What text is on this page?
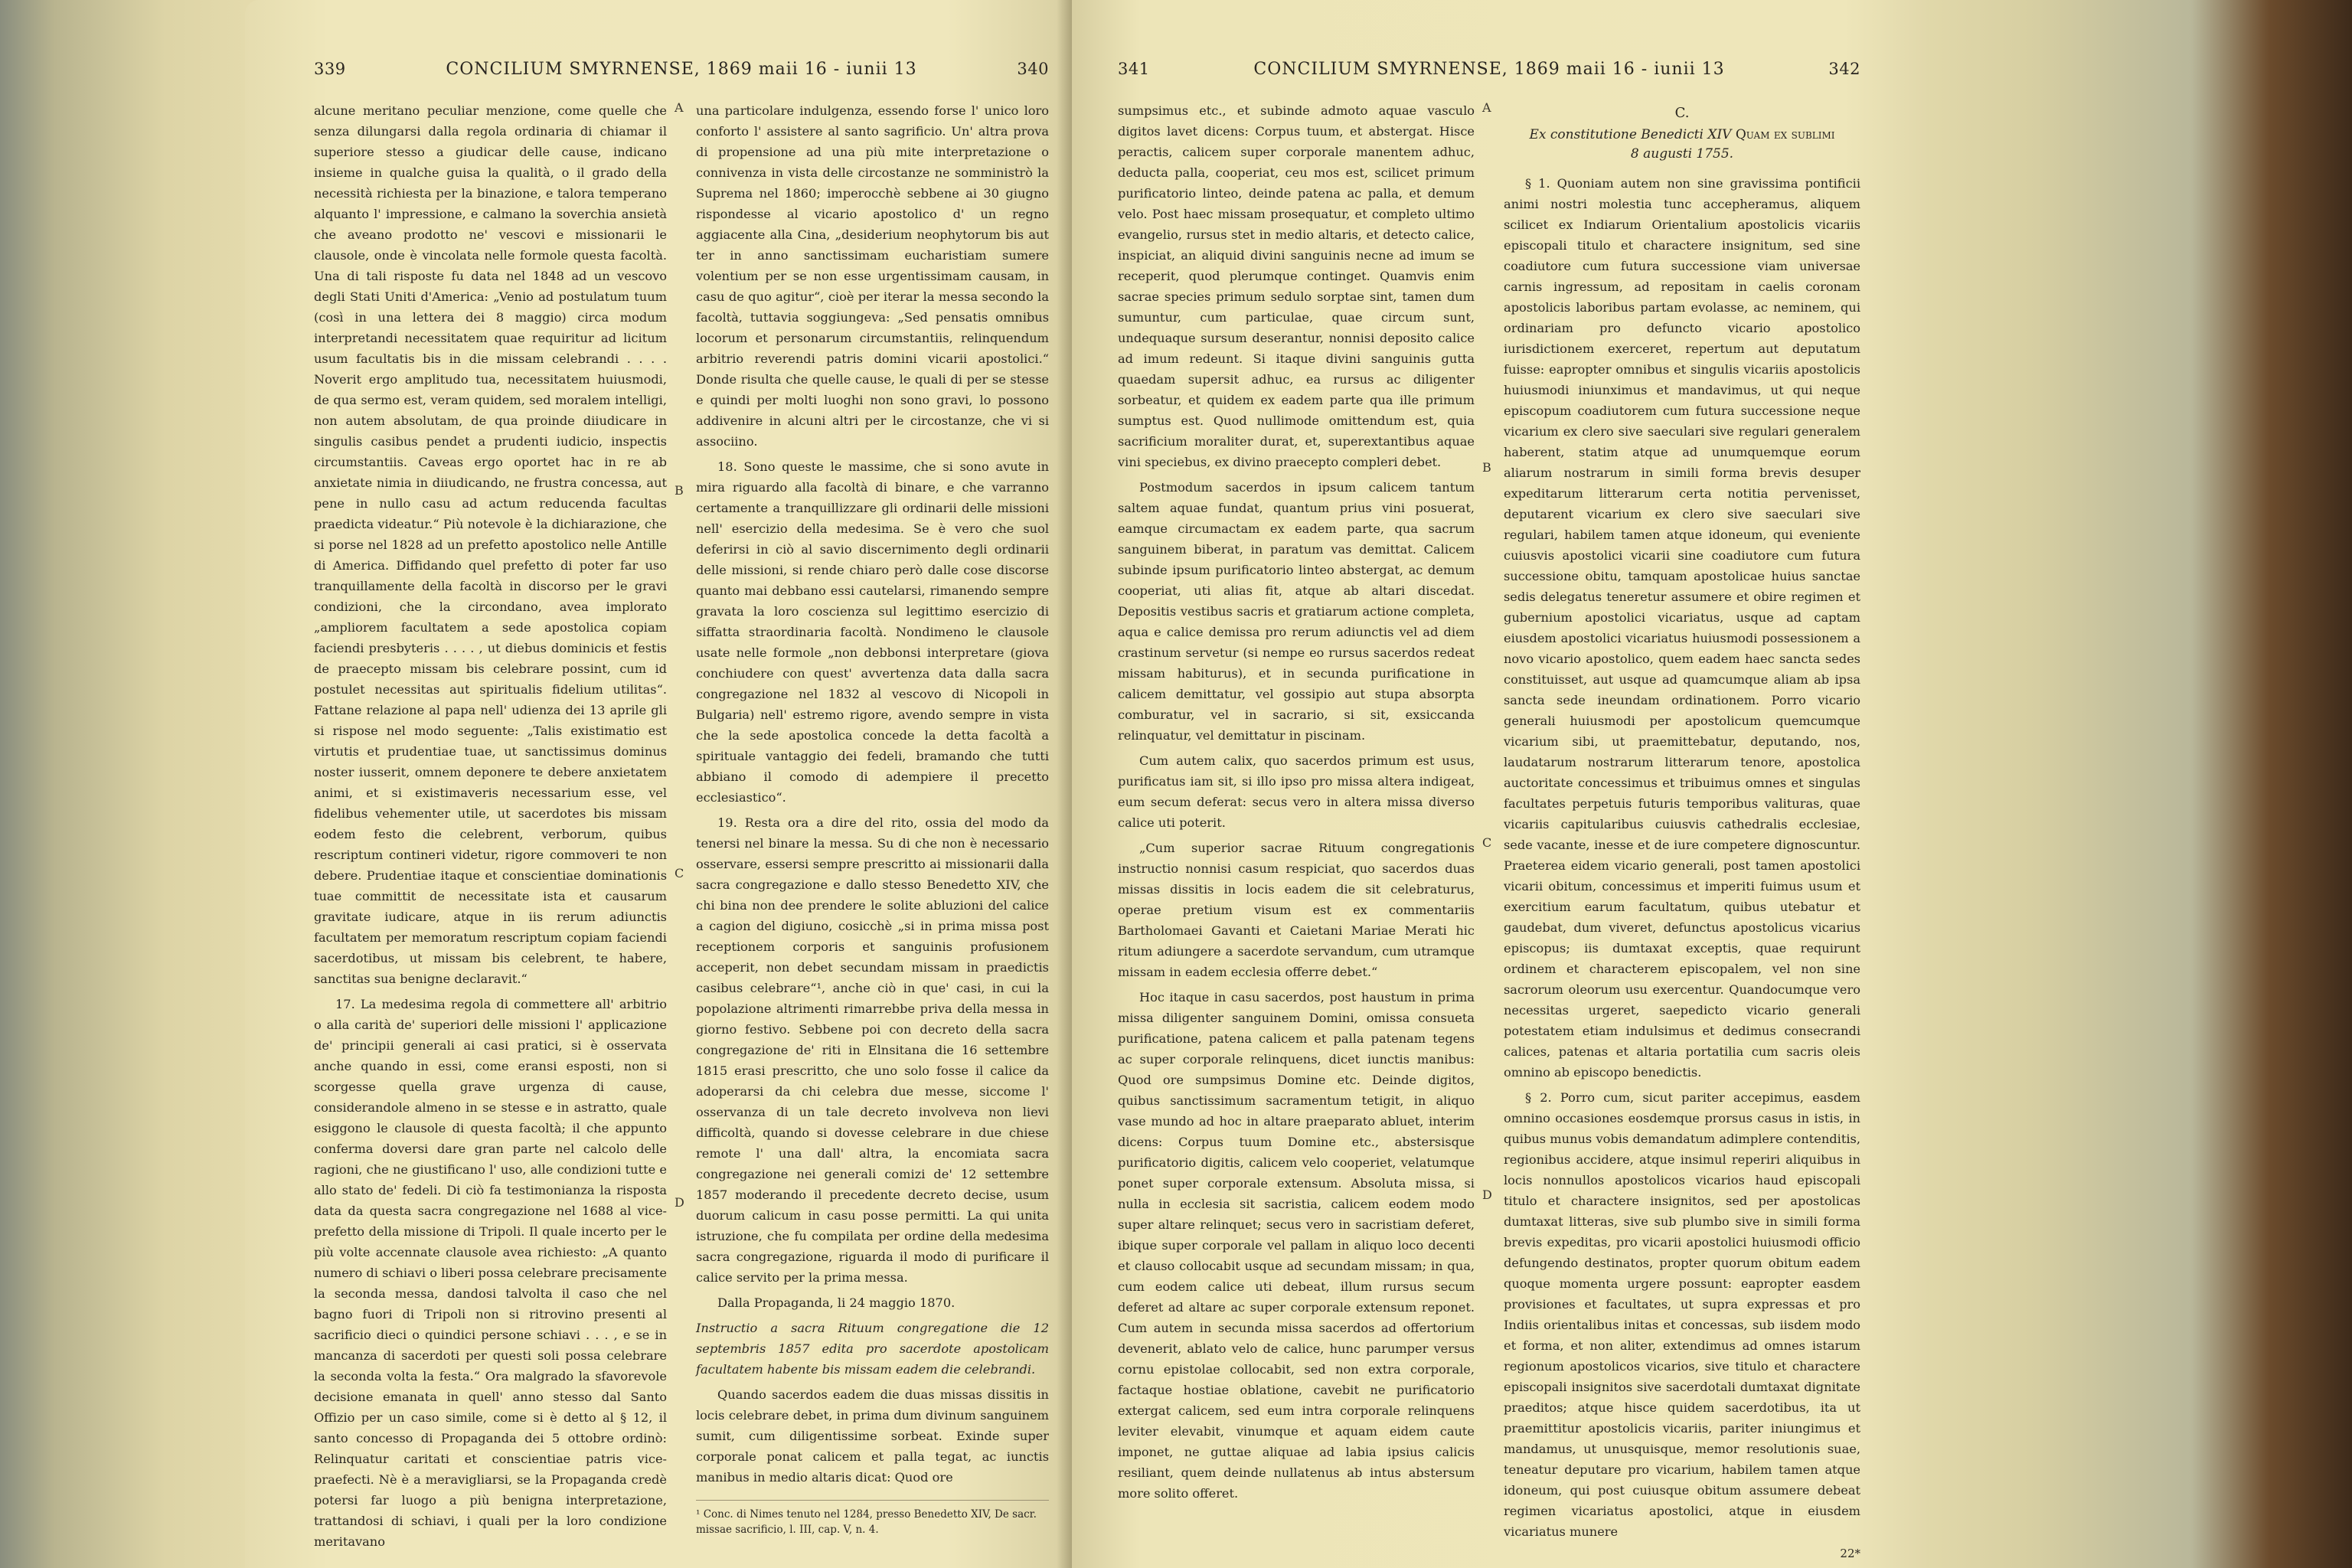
339	CONCILIUM SMYRNENSE, 1869 maii 16 - iunii 13	340

alcune meritano peculiar menzione, come quelle che senza dilungarsi dalla regola ordinaria di chiamar il superiore stesso a giudicar delle cause, indicano insieme in qualche guisa la qualità, o il grado della necessità richiesta per la binazione, e talora temperano alquanto l' impressione, e calmano la soverchia ansietà che aveano prodotto ne' vescovi e missionarii le clausole, onde è vincolata nelle formole questa facoltà. Una di tali risposte fu data nel 1848 ad un vescovo degli Stati Uniti d'America: „Venio ad postulatum tuum (così in una lettera dei 8 maggio) circa modum interpretandi necessitatem quae requiritur ad licitum usum facultatis bis in die missam celebrandi . . . . Noverit ergo amplitudo tua, necessitatem huiusmodi, de qua sermo est, veram quidem, sed moralem intelligi, non autem absolutam, de qua proinde diiudicare in singulis casibus pendet a prudenti iudicio, inspectis circumstantiis. Caveas ergo oportet hac in re ab anxietate nimia in diiudicando, ne frustra concessa, aut pene in nullo casu ad actum reducenda facultas praedicta videatur.“ Più notevole è la dichiarazione, che si porse nel 1828 ad un prefetto apostolico nelle Antille di America. Diffidando quel prefetto di poter far uso tranquillamente della facoltà in discorso per le gravi condizioni, che la circondano, avea implorato „ampliorem facultatem a sede apostolica copiam faciendi presbyteris . . . . , ut diebus dominicis et festis de praecepto missam bis celebrare possint, cum id postulet necessitas aut spiritualis fidelium utilitas“. Fattane relazione al papa nell' udienza dei 13 aprile gli si rispose nel modo seguente: „Talis existimatio est virtutis et prudentiae tuae, ut sanctissimus dominus noster iusserit, omnem deponere te debere anxietatem animi, et si existimaveris necessarium esse, vel fidelibus vehementer utile, ut sacerdotes bis missam eodem festo die celebrent, verborum, quibus rescriptum contineri videtur, rigore commoveri te non debere. Prudentiae itaque et conscientiae dominationis tuae committit de necessitate ista et causarum gravitate iudicare, atque in iis rerum adiunctis facultatem per memoratum rescriptum copiam faciendi sacerdotibus, ut missam bis celebrent, te habere, sanctitas sua benigne declaravit.“

17. La medesima regola di commettere all' arbitrio o alla carità de' superiori delle missioni l' applicazione de' principii generali ai casi pratici, si è osservata anche quando in essi, come eransi esposti, non si scorgesse quella grave urgenza di cause, considerandole almeno in se stesse e in astratto, quale esiggono le clausole di questa facoltà; il che appunto conferma doversi dare gran parte nel calcolo delle ragioni, che ne giustificano l' uso, alle condizioni tutte e allo stato de' fedeli. Di ciò fa testimonianza la risposta data da questa sacra congregazione nel 1688 al vice-prefetto della missione di Tripoli. Il quale incerto per le più volte accennate clausole avea richiesto: „A quanto numero di schiavi o liberi possa celebrare precisamente la seconda messa, dandosi talvolta il caso che nel bagno fuori di Tripoli non si ritrovino presenti al sacrificio dieci o quindici persone schiavi . . . , e se in mancanza di sacerdoti per questi soli possa celebrare la seconda volta la festa.“ Ora malgrado la sfavorevole decisione emanata in quell' anno stesso dal Santo Offizio per un caso simile, come si è detto al § 12, il santo concesso di Propaganda dei 5 ottobre ordinò: Relinquatur caritati et conscientiae patris vice-praefecti. Nè è a meravigliarsi, se la Propaganda credè potersi far luogo a più benigna interpretazione, trattandosi di schiavi, i quali per la loro condizione meritavano

A
B
C
D

una particolare indulgenza, essendo forse l' unico loro conforto l' assistere al santo sagrificio. Un' altra prova di propensione ad una più mite interpretazione o connivenza in vista delle circostanze ne somministrò la Suprema nel 1860; imperocchè sebbene ai 30 giugno rispondesse al vicario apostolico d' un regno aggiacente alla Cina, „desiderium neophytorum bis aut ter in anno sanctissimam eucharistiam sumere volentium per se non esse urgentissimam causam, in casu de quo agitur“, cioè per iterar la messa secondo la facoltà, tuttavia soggiungeva: „Sed pensatis omnibus locorum et personarum circumstantiis, relinquendum arbitrio reverendi patris domini vicarii apostolici.“ Donde risulta che quelle cause, le quali di per se stesse e quindi per molti luoghi non sono gravi, lo possono addivenire in alcuni altri per le circostanze, che vi si associino.

18. Sono queste le massime, che si sono avute in mira riguardo alla facoltà di binare, e che varranno certamente a tranquillizzare gli ordinarii delle missioni nell' esercizio della medesima. Se è vero che suol deferirsi in ciò al savio discernimento degli ordinarii delle missioni, si rende chiaro però dalle cose discorse quanto mai debbano essi cautelarsi, rimanendo sempre gravata la loro coscienza sul legittimo esercizio di siffatta straordinaria facoltà. Nondimeno le clausole usate nelle formole „non debbonsi interpretare (giova conchiudere con quest' avvertenza data dalla sacra congregazione nel 1832 al vescovo di Nicopoli in Bulgaria) nell' estremo rigore, avendo sempre in vista che la sede apostolica concede la detta facoltà a spirituale vantaggio dei fedeli, bramando che tutti abbiano il comodo di adempiere il precetto ecclesiastico“.

19. Resta ora a dire del rito, ossia del modo da tenersi nel binare la messa. Su di che non è necessario osservare, essersi sempre prescritto ai missionarii dalla sacra congregazione e dallo stesso Benedetto XIV, che chi bina non dee prendere le solite abluzioni del calice a cagion del digiuno, cosicchè „si in prima missa post receptionem corporis et sanguinis profusionem acceperit, non debet secundam missam in praedictis casibus celebrare“¹, anche ciò in que' casi, in cui la popolazione altrimenti rimarrebbe priva della messa in giorno festivo. Sebbene poi con decreto della sacra congregazione de' riti in Elnsitana die 16 settembre 1815 erasi prescritto, che uno solo fosse il calice da adoperarsi da chi celebra due messe, siccome l' osservanza di un tale decreto involveva non lievi difficoltà, quando si dovesse celebrare in due chiese remote l' una dall' altra, la encomiata sacra congregazione nei generali comizi de' 12 settembre 1857 moderando il precedente decreto decise, usum duorum calicum in casu posse permitti. La qui unita istruzione, che fu compilata per ordine della medesima sacra congregazione, riguarda il modo di purificare il calice servito per la prima messa.

Dalla Propaganda, li 24 maggio 1870.

Instructio a sacra Rituum congregatione die 12 septembris 1857 edita pro sacerdote apostolicam facultatem habente bis missam eadem die celebrandi.

Quando sacerdos eadem die duas missas dissitis in locis celebrare debet, in prima dum divinum sanguinem sumit, cum diligentissime sorbeat. Exinde super corporale ponat calicem et palla tegat, ac iunctis manibus in medio altaris dicat: Quod ore

¹ Conc. di Nimes tenuto nel 1284, presso Benedetto XIV, De sacr. missae sacrificio, l. III, cap. V, n. 4.
341	CONCILIUM SMYRNENSE, 1869 maii 16 - iunii 13	342

sumpsimus etc., et subinde admoto aquae vasculo digitos lavet dicens: Corpus tuum, et abstergat. Hisce peractis, calicem super corporale manentem adhuc, deducta palla, cooperiat, ceu mos est, scilicet primum purificatorio linteo, deinde patena ac palla, et demum velo. Post haec missam prosequatur, et completo ultimo evangelio, rursus stet in medio altaris, et detecto calice, inspiciat, an aliquid divini sanguinis necne ad imum se receperit, quod plerumque continget. Quamvis enim sacrae species primum sedulo sorptae sint, tamen dum sumuntur, cum particulae, quae circum sunt, undequaque sursum deserantur, nonnisi deposito calice ad imum redeunt. Si itaque divini sanguinis gutta quaedam supersit adhuc, ea rursus ac diligenter sorbeatur, et quidem ex eadem parte qua ille primum sumptus est. Quod nullimode omittendum est, quia sacrificium moraliter durat, et, superextantibus aquae vini speciebus, ex divino praecepto compleri debet.

Postmodum sacerdos in ipsum calicem tantum saltem aquae fundat, quantum prius vini posuerat, eamque circumactam ex eadem parte, qua sacrum sanguinem biberat, in paratum vas demittat. Calicem subinde ipsum purificatorio linteo abstergat, ac demum cooperiat, uti alias fit, atque ab altari discedat. Depositis vestibus sacris et gratiarum actione completa, aqua e calice demissa pro rerum adiunctis vel ad diem crastinum servetur (si nempe eo rursus sacerdos redeat missam habiturus), et in secunda purificatione in calicem demittatur, vel gossipio aut stupa absorpta comburatur, vel in sacrario, si sit, exsiccanda relinquatur, vel demittatur in piscinam.

Cum autem calix, quo sacerdos primum est usus, purificatus iam sit, si illo ipso pro missa altera indigeat, eum secum deferat: secus vero in altera missa diverso calice uti poterit.

„Cum superior sacrae Rituum congregationis instructio nonnisi casum respiciat, quo sacerdos duas missas dissitis in locis eadem die sit celebraturus, operae pretium visum est ex commentariis Bartholomaei Gavanti et Caietani Mariae Merati hic ritum adiungere a sacerdote servandum, cum utramque missam in eadem ecclesia offerre debet.“

Hoc itaque in casu sacerdos, post haustum in prima missa diligenter sanguinem Domini, omissa consueta purificatione, patena calicem et palla patenam tegens ac super corporale relinquens, dicet iunctis manibus: Quod ore sumpsimus Domine etc. Deinde digitos, quibus sanctissimum sacramentum tetigit, in aliquo vase mundo ad hoc in altare praeparato abluet, interim dicens: Corpus tuum Domine etc., abstersisque purificatorio digitis, calicem velo cooperiet, velatumque ponet super corporale extensum. Absoluta missa, si nulla in ecclesia sit sacristia, calicem eodem modo super altare relinquet; secus vero in sacristiam deferet, ibique super corporale vel pallam in aliquo loco decenti et clauso collocabit usque ad secundam missam; in qua, cum eodem calice uti debeat, illum rursus secum deferet ad altare ac super corporale extensum reponet. Cum autem in secunda missa sacerdos ad offertorium devenerit, ablato velo de calice, hunc parumper versus cornu epistolae collocabit, sed non extra corporale, factaque hostiae oblatione, cavebit ne purificatorio extergat calicem, sed eum intra corporale relinquens leviter elevabit, vinumque et aquam eidem caute imponet, ne guttae aliquae ad labia ipsius calicis resiliant, quem deinde nullatenus ab intus abstersum more solito offeret.

A
B
C
D
C.
Ex constitutione Benedicti XIV Quam ex sublimi
8 augusti 1755.

§ 1. Quoniam autem non sine gravissima pontificii animi nostri molestia tunc accepheramus, aliquem scilicet ex Indiarum Orientalium apostolicis vicariis episcopali titulo et charactere insignitum, sed sine coadiutore cum futura successione viam universae carnis ingressum, ad repositam in caelis coronam apostolicis laboribus partam evolasse, ac neminem, qui ordinariam pro defuncto vicario apostolico iurisdictionem exerceret, repertum aut deputatum fuisse: eapropter omnibus et singulis vicariis apostolicis huiusmodi iniunximus et mandavimus, ut qui neque episcopum coadiutorem cum futura successione neque vicarium ex clero sive saeculari sive regulari generalem haberent, statim atque ad unumquemque eorum aliarum nostrarum in simili forma brevis desuper expeditarum litterarum certa notitia pervenisset, deputarent vicarium ex clero sive saeculari sive regulari, habilem tamen atque idoneum, qui eveniente cuiusvis apostolici vicarii sine coadiutore cum futura successione obitu, tamquam apostolicae huius sanctae sedis delegatus teneretur assumere et obire regimen et gubernium apostolici vicariatus, usque ad captam eiusdem apostolici vicariatus huiusmodi possessionem a novo vicario apostolico, quem eadem haec sancta sedes constituisset, aut usque ad quamcumque aliam ab ipsa sancta sede ineundam ordinationem. Porro vicario generali huiusmodi per apostolicum quemcumque vicarium sibi, ut praemittebatur, deputando, nos, laudatarum nostrarum litterarum tenore, apostolica auctoritate concessimus et tribuimus omnes et singulas facultates perpetuis futuris temporibus valituras, quae vicariis capitularibus cuiusvis cathedralis ecclesiae, sede vacante, inesse et de iure competere dignoscuntur. Praeterea eidem vicario generali, post tamen apostolici vicarii obitum, concessimus et imperiti fuimus usum et exercitium earum facultatum, quibus utebatur et gaudebat, dum viveret, defunctus apostolicus vicarius episcopus; iis dumtaxat exceptis, quae requirunt ordinem et characterem episcopalem, vel non sine sacrorum oleorum usu exercentur. Quandocumque vero necessitas urgeret, saepedicto vicario generali potestatem etiam indulsimus et dedimus consecrandi calices, patenas et altaria portatilia cum sacris oleis omnino ab episcopo benedictis.

§ 2. Porro cum, sicut pariter accepimus, easdem omnino occasiones eosdemque prorsus casus in istis, in quibus munus vobis demandatum adimplere contenditis, regionibus accidere, atque insimul reperiri aliquibus in locis nonnullos apostolicos vicarios haud episcopali titulo et charactere insignitos, sed per apostolicas dumtaxat litteras, sive sub plumbo sive in simili forma brevis expeditas, pro vicarii apostolici huiusmodi officio defungendo destinatos, propter quorum obitum eadem quoque momenta urgere possunt: eapropter easdem provisiones et facultates, ut supra expressas et pro Indiis orientalibus initas et concessas, sub iisdem modo et forma, et non aliter, extendimus ad omnes istarum regionum apostolicos vicarios, sive titulo et charactere episcopali insignitos sive sacerdotali dumtaxat dignitate praeditos; atque hisce quidem sacerdotibus, ita ut praemittitur apostolicis vicariis, pariter iniungimus et mandamus, ut unusquisque, memor resolutionis suae, teneatur deputare pro vicarium, habilem tamen atque idoneum, qui post cuiusque obitum assumere debeat regimen vicariatus apostolici, atque in eiusdem vicariatus munere

22*
